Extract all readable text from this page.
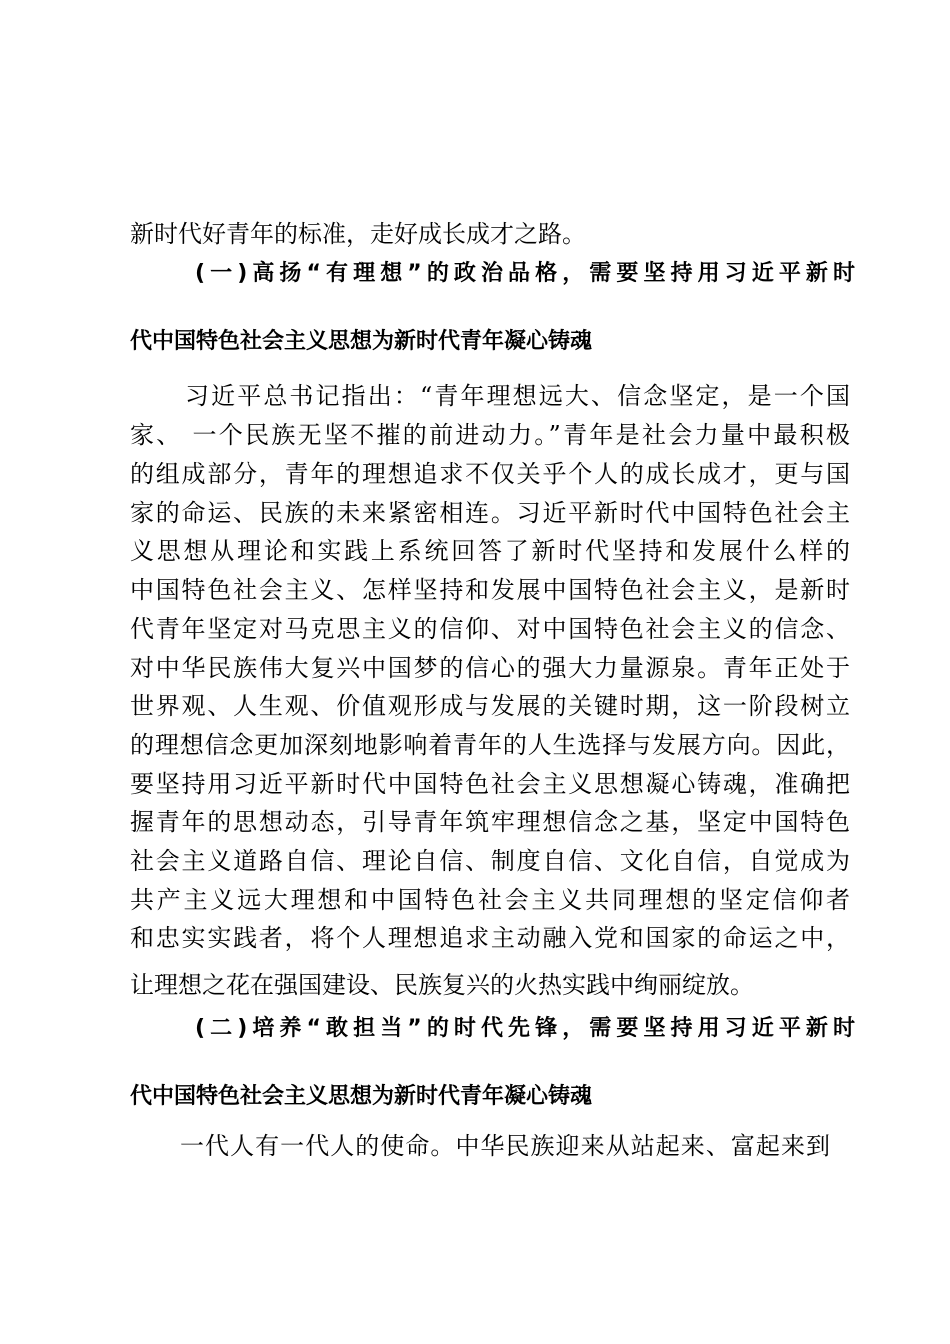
新时代好青年的标准，走好成长成才之路。
(一)高扬“有理想”的政治品格，需要坚持用习近平新时
代中国特色社会主义思想为新时代青年凝心铸魂
习近平总书记指出：“青年理想远大、信念坚定，是一个国
家、 一个民族无坚不摧的前进动力。”青年是社会力量中最积极
的组成部分，青年的理想追求不仅关乎个人的成长成才，更与国
家的命运、民族的未来紧密相连。习近平新时代中国特色社会主
义思想从理论和实践上系统回答了新时代坚持和发展什么样的
中国特色社会主义、怎样坚持和发展中国特色社会主义，是新时
代青年坚定对马克思主义的信仰、对中国特色社会主义的信念、
对中华民族伟大复兴中国梦的信心的强大力量源泉。青年正处于
世界观、人生观、价值观形成与发展的关键时期，这一阶段树立
的理想信念更加深刻地影响着青年的人生选择与发展方向。因此，
要坚持用习近平新时代中国特色社会主义思想凝心铸魂，准确把
握青年的思想动态，引导青年筑牢理想信念之基，坚定中国特色
社会主义道路自信、理论自信、制度自信、文化自信，自觉成为
共产主义远大理想和中国特色社会主义共同理想的坚定信仰者
和忠实实践者，将个人理想追求主动融入党和国家的命运之中，
让理想之花在强国建设、民族复兴的火热实践中绚丽绽放。
(二)培养“敢担当”的时代先锋，需要坚持用习近平新时
代中国特色社会主义思想为新时代青年凝心铸魂
一代人有一代人的使命。中华民族迎来从站起来、富起来到
